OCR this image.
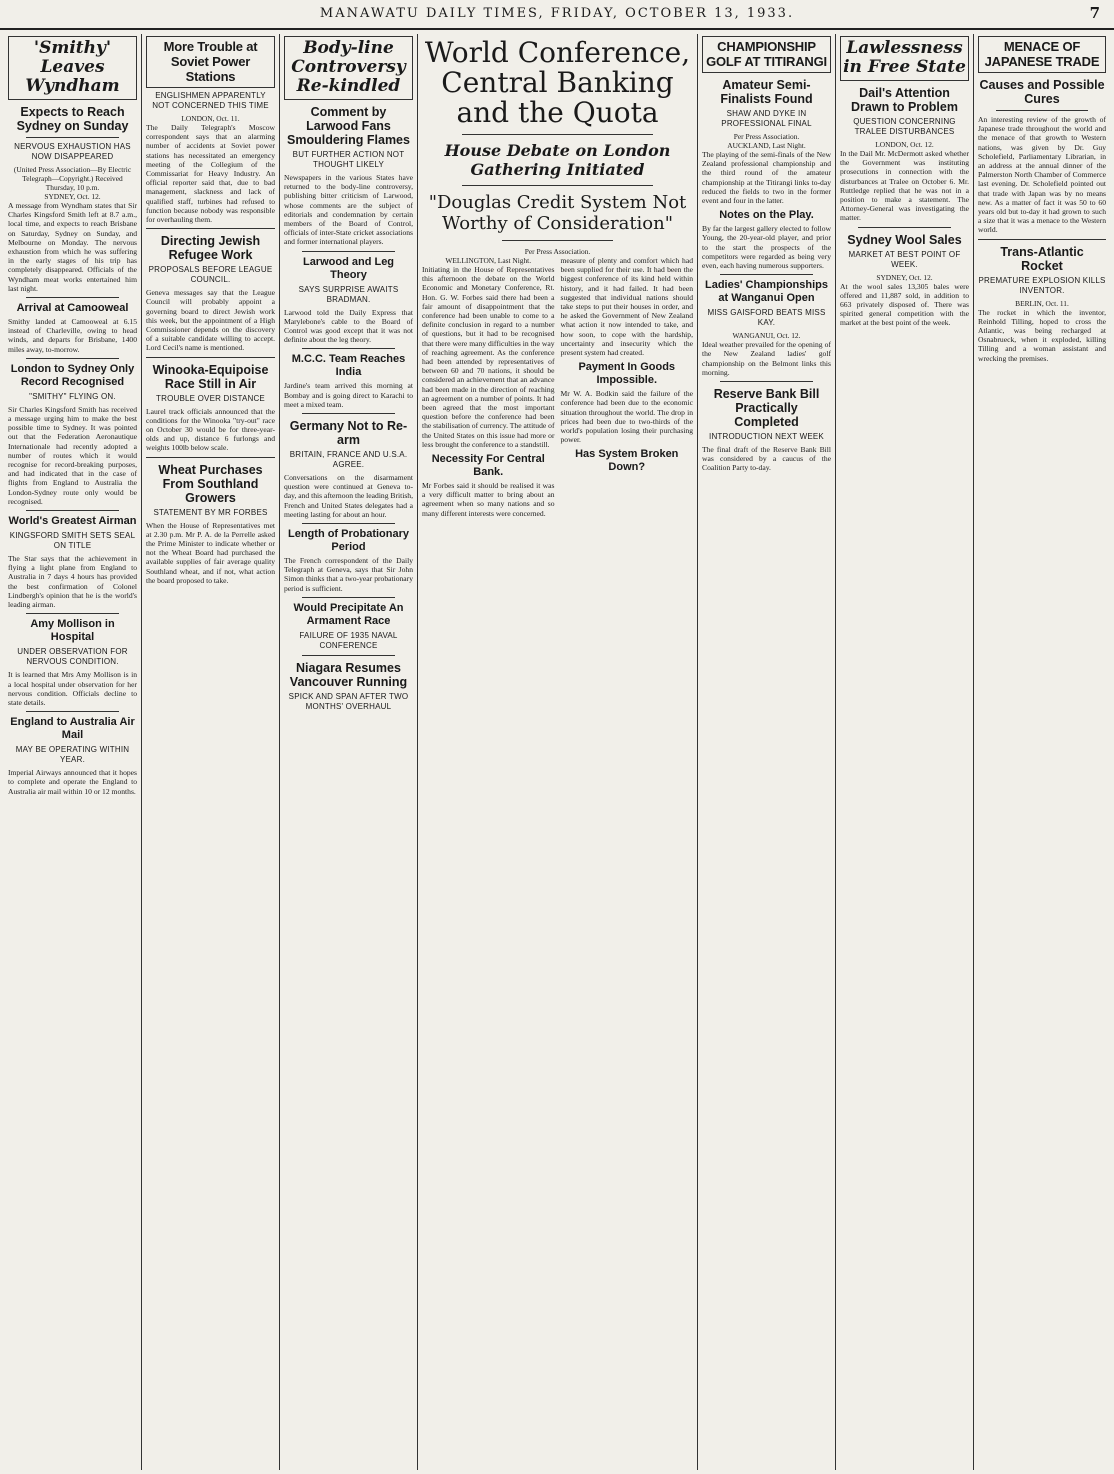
MANAWATU DAILY TIMES, FRIDAY, OCTOBER 13, 1933.	7
'Smithy' Leaves Wyndham
Expects to Reach Sydney on Sunday
NERVOUS EXHAUSTION HAS NOW DISAPPEARED
(United Press Association—By Electric Telegraph—Copyright.) Received Thursday, 10 p.m.
SYDNEY, Oct. 12.

A message from Wyndham states that Sir Charles Kingsford Smith left at 8.7 a.m., local time, and expects to reach Brisbane on Saturday, Sydney on Sunday, and Melbourne on Monday. The nervous exhaustion from which he was suffering in the early stages of his trip has completely disappeared. Officials of the Wyndham meat works entertained him last night.

Arrival at Camooweal

Smithy landed at Camooweal at 6.15 instead of Charleville, owing to head winds, and departs for Brisbane, 1400 miles away, to-morrow.

London to Sydney Only Record Recognised
"SMITHY" FLYING ON.

Sir Charles Kingsford Smith has received a message urging him to make the best possible time to Sydney. It was pointed out that the Federation Aeronautique Internationale had recently adopted a number of routes which it would recognise for record-breaking purposes, and had indicated that in the case of flights from England to Australia the London-Sydney route only would be recognised.

World's Greatest Airman
KINGSFORD SMITH SETS SEAL ON TITLE

The Star says that the achievement in flying a light plane from England to Australia in 7 days 4 hours has provided the best confirmation of Colonel Lindbergh's opinion that he is the world's leading airman.

Amy Mollison in Hospital
UNDER OBSERVATION FOR NERVOUS CONDITION.

It is learned that Mrs Amy Mollison is in a local hospital under observation for her nervous condition. Officials decline to state details.

England to Australia Air Mail
MAY BE OPERATING WITHIN YEAR.

Imperial Airways announced that it hopes to complete and operate the England to Australia air mail within 10 or 12 months.

More Trouble at Soviet Power Stations
ENGLISHMEN APPARENTLY NOT CONCERNED THIS TIME
LONDON, Oct. 11.

The Daily Telegraph's Moscow correspondent says that an alarming number of accidents at Soviet power stations has necessitated an emergency meeting of the Collegium of the Commissariat for Heavy Industry. An official reporter said that, due to bad management, slackness and lack of qualified staff, turbines had refused to function because nobody was responsible for overhauling them.

Directing Jewish Refugee Work
PROPOSALS BEFORE LEAGUE COUNCIL.

Geneva messages say that the League Council will probably appoint a governing board to direct Jewish work this week, but the appointment of a High Commissioner depends on the discovery of a suitable candidate willing to accept. Lord Cecil's name is mentioned.

Winooka-Equipoise Race Still in Air
TROUBLE OVER DISTANCE

Laurel track officials announced that the conditions for the Winooka "try-out" race on October 30 would be for three-year-olds and up, distance 6 furlongs and weights 100lb below scale.

Wheat Purchases From Southland Growers
STATEMENT BY MR FORBES

When the House of Representatives met at 2.30 p.m. Mr P. A. de la Perrelle asked the Prime Minister to indicate whether or not the Wheat Board had purchased the available supplies of fair average quality Southland wheat, and if not, what action the board proposed to take.

Body-line Controversy Re-kindled
Comment by Larwood Fans Smouldering Flames
BUT FURTHER ACTION NOT THOUGHT LIKELY

Newspapers in the various States have returned to the body-line controversy, publishing bitter criticism of Larwood, whose comments are the subject of editorials and condemnation by certain members of the Board of Control, officials of inter-State cricket associations and former international players.

Larwood and Leg Theory
SAYS SURPRISE AWAITS BRADMAN.

Larwood told the Daily Express that Marylebone's cable to the Board of Control was good except that it was not definite about the leg theory.

M.C.C. Team Reaches India

Jardine's team arrived this morning at Bombay and is going direct to Karachi to meet a mixed team.

Germany Not to Re-arm
BRITAIN, FRANCE AND U.S.A. AGREE.

Conversations on the disarmament question were continued at Geneva to-day, and this afternoon the leading British, French and United States delegates had a meeting lasting for about an hour.

Length of Probationary Period

The French correspondent of the Daily Telegraph at Geneva, says that Sir John Simon thinks that a two-year probationary period is sufficient.

Would Precipitate An Armament Race
FAILURE OF 1935 NAVAL CONFERENCE
Niagara Resumes Vancouver Running
SPICK AND SPAN AFTER TWO MONTHS' OVERHAUL
World Conference, Central Banking and the Quota
House Debate on London Gathering Initiated
"Douglas Credit System Not Worthy of Consideration"
Per Press Association.
WELLINGTON, Last Night.

Initiating in the House of Representatives this afternoon the debate on the World Economic and Monetary Conference, Rt. Hon. G. W. Forbes said there had been a fair amount of disappointment that the conference had been unable to come to a definite conclusion in regard to a number of questions, but it had to be recognised that there were many difficulties in the way of reaching agreement. As the conference had been attended by representatives of between 60 and 70 nations, it should be considered an achievement that an advance had been made in the direction of reaching an agreement on a number of points. It had been agreed that the most important question before the conference had been the stabilisation of currency. The attitude of the United States on this issue had more or less brought the conference to a standstill.

Necessity For Central Bank.

Mr Forbes said it should be realised it was a very difficult matter to bring about an agreement when so many nations and so many different interests were concerned.

measure of plenty and comfort which had been supplied for their use. It had been the biggest conference of its kind held within history, and it had failed. It had been suggested that individual nations should take steps to put their houses in order, and he asked the Government of New Zealand what action it now intended to take, and how soon, to cope with the hardship, uncertainty and insecurity which the present system had created.

Payment In Goods Impossible.

Mr W. A. Bodkin said the failure of the conference had been due to the economic situation throughout the world. The drop in prices had been due to two-thirds of the world's population losing their purchasing power.

Has System Broken Down?
CHAMPIONSHIP GOLF AT TITIRANGI
Amateur Semi-Finalists Found
SHAW AND DYKE IN PROFESSIONAL FINAL
Per Press Association.
AUCKLAND, Last Night.

The playing of the semi-finals of the New Zealand professional championship and the third round of the amateur championship at the Titirangi links to-day reduced the fields to two in the former event and four in the latter.

Notes on the Play.

By far the largest gallery elected to follow Young, the 20-year-old player, and prior to the start the prospects of the competitors were regarded as being very even, each having numerous supporters.

Ladies' Championships at Wanganui Open
MISS GAISFORD BEATS MISS KAY.
WANGANUI, Oct. 12.

Ideal weather prevailed for the opening of the New Zealand ladies' golf championship on the Belmont links this morning.

Reserve Bank Bill Practically Completed
INTRODUCTION NEXT WEEK

The final draft of the Reserve Bank Bill was considered by a caucus of the Coalition Party to-day.

Lawlessness in Free State
Dail's Attention Drawn to Problem
QUESTION CONCERNING TRALEE DISTURBANCES
LONDON, Oct. 12.

In the Dail Mr. McDermott asked whether the Government was instituting prosecutions in connection with the disturbances at Tralee on October 6. Mr. Ruttledge replied that he was not in a position to make a statement. The Attorney-General was investigating the matter.

Sydney Wool Sales
MARKET AT BEST POINT OF WEEK.
SYDNEY, Oct. 12.

At the wool sales 13,305 bales were offered and 11,887 sold, in addition to 663 privately disposed of. There was spirited general competition with the market at the best point of the week.

MENACE OF JAPANESE TRADE
Causes and Possible Cures

An interesting review of the growth of Japanese trade throughout the world and the menace of that growth to Western nations, was given by Dr. Guy Scholefield, Parliamentary Librarian, in an address at the annual dinner of the Palmerston North Chamber of Commerce last evening. Dr. Scholefield pointed out that trade with Japan was by no means new. As a matter of fact it was 50 to 60 years old but to-day it had grown to such a size that it was a menace to the Western world.

Trans-Atlantic Rocket
PREMATURE EXPLOSION KILLS INVENTOR.
BERLIN, Oct. 11.

The rocket in which the inventor, Reinhold Tilling, hoped to cross the Atlantic, was being recharged at Osnabrueck, when it exploded, killing Tilling and a woman assistant and wrecking the premises.
